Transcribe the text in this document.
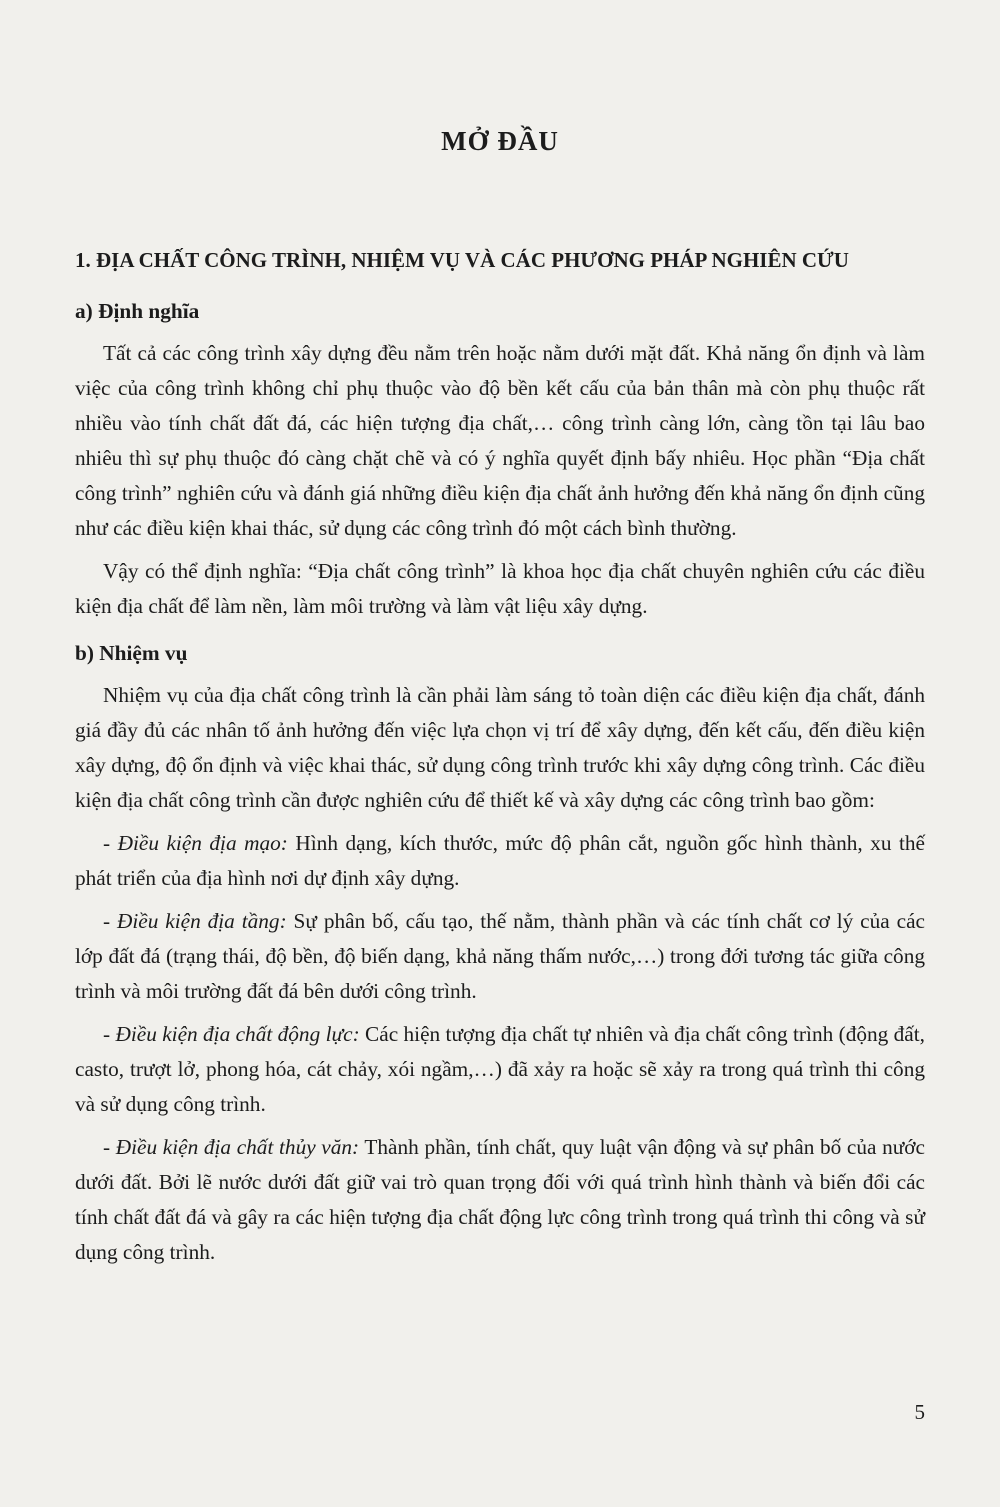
MỞ ĐẦU
1. ĐỊA CHẤT CÔNG TRÌNH, NHIỆM VỤ VÀ CÁC PHƯƠNG PHÁP NGHIÊN CỨU
a) Định nghĩa

Tất cả các công trình xây dựng đều nằm trên hoặc nằm dưới mặt đất. Khả năng ổn định và làm việc của công trình không chỉ phụ thuộc vào độ bền kết cấu của bản thân mà còn phụ thuộc rất nhiều vào tính chất đất đá, các hiện tượng địa chất,… công trình càng lớn, càng tồn tại lâu bao nhiêu thì sự phụ thuộc đó càng chặt chẽ và có ý nghĩa quyết định bấy nhiêu. Học phần “Địa chất công trình” nghiên cứu và đánh giá những điều kiện địa chất ảnh hưởng đến khả năng ổn định cũng như các điều kiện khai thác, sử dụng các công trình đó một cách bình thường.

Vậy có thể định nghĩa: “Địa chất công trình” là khoa học địa chất chuyên nghiên cứu các điều kiện địa chất để làm nền, làm môi trường và làm vật liệu xây dựng.

b) Nhiệm vụ

Nhiệm vụ của địa chất công trình là cần phải làm sáng tỏ toàn diện các điều kiện địa chất, đánh giá đầy đủ các nhân tố ảnh hưởng đến việc lựa chọn vị trí để xây dựng, đến kết cấu, đến điều kiện xây dựng, độ ổn định và việc khai thác, sử dụng công trình trước khi xây dựng công trình. Các điều kiện địa chất công trình cần được nghiên cứu để thiết kế và xây dựng các công trình bao gồm:

- Điều kiện địa mạo: Hình dạng, kích thước, mức độ phân cắt, nguồn gốc hình thành, xu thế phát triển của địa hình nơi dự định xây dựng.

- Điều kiện địa tầng: Sự phân bố, cấu tạo, thế nằm, thành phần và các tính chất cơ lý của các lớp đất đá (trạng thái, độ bền, độ biến dạng, khả năng thấm nước,…) trong đới tương tác giữa công trình và môi trường đất đá bên dưới công trình.

- Điều kiện địa chất động lực: Các hiện tượng địa chất tự nhiên và địa chất công trình (động đất, casto, trượt lở, phong hóa, cát chảy, xói ngầm,…) đã xảy ra hoặc sẽ xảy ra trong quá trình thi công và sử dụng công trình.

- Điều kiện địa chất thủy văn: Thành phần, tính chất, quy luật vận động và sự phân bố của nước dưới đất. Bởi lẽ nước dưới đất giữ vai trò quan trọng đối với quá trình hình thành và biến đổi các tính chất đất đá và gây ra các hiện tượng địa chất động lực công trình trong quá trình thi công và sử dụng công trình.

5
